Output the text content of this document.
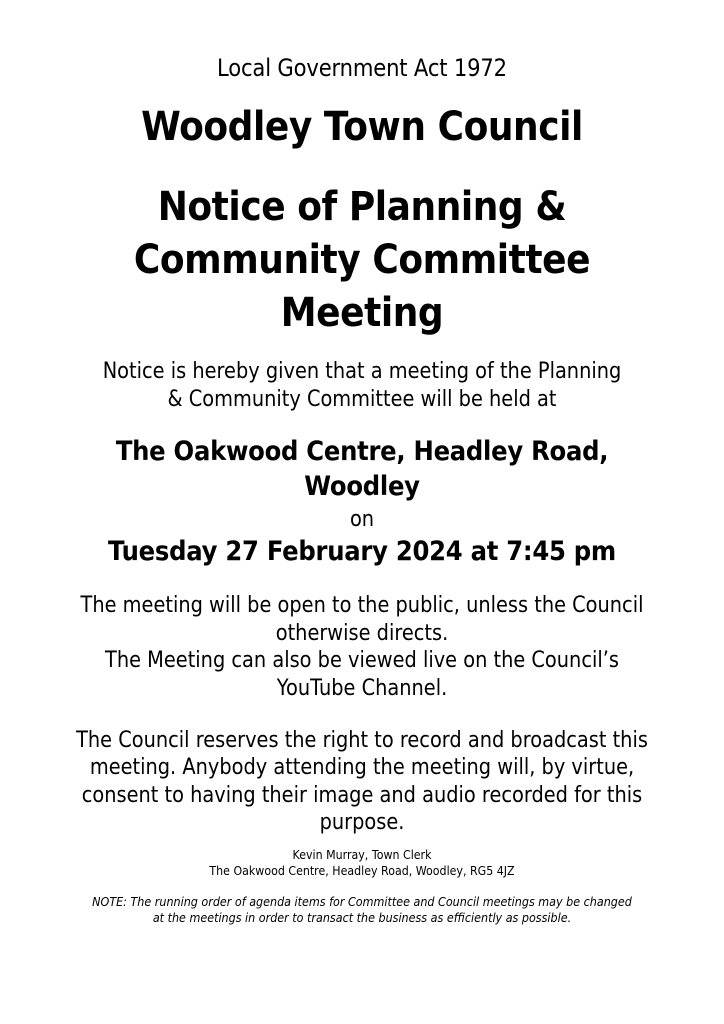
Local Government Act 1972
Woodley Town Council
Notice of Planning &
Community Committee
Meeting
Notice is hereby given that a meeting of the Planning
& Community Committee will be held at
The Oakwood Centre, Headley Road,
Woodley
on
Tuesday 27 February 2024 at 7:45 pm
The meeting will be open to the public, unless the Council
otherwise directs.
The Meeting can also be viewed live on the Council’s
YouTube Channel.
The Council reserves the right to record and broadcast this
meeting. Anybody attending the meeting will, by virtue,
consent to having their image and audio recorded for this
purpose.
Kevin Murray, Town Clerk
The Oakwood Centre, Headley Road, Woodley, RG5 4JZ
NOTE: The running order of agenda items for Committee and Council meetings may be changed
at the meetings in order to transact the business as efficiently as possible.
